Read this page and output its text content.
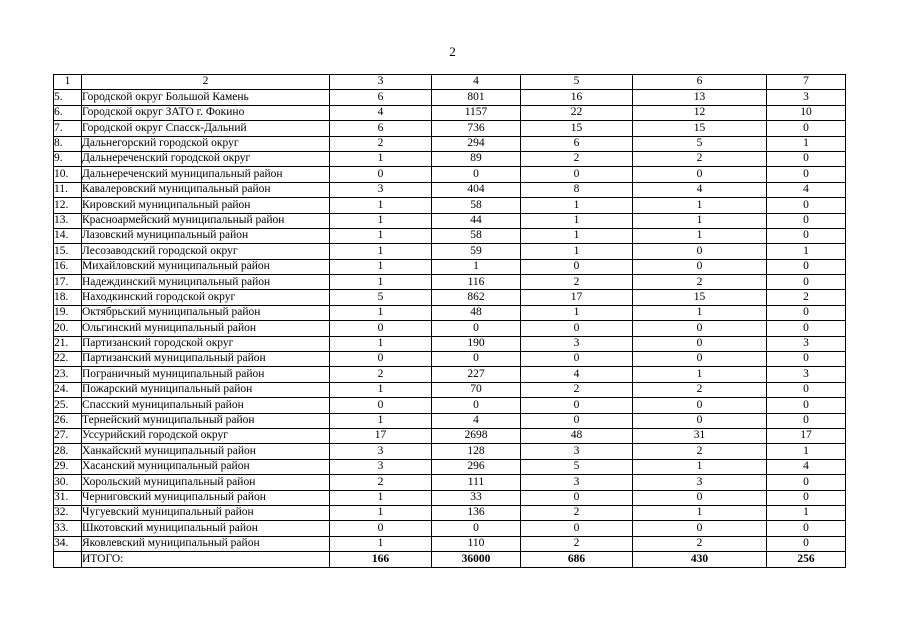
2
1	2	3	4	5	6	7
5.	Городской округ Большой Камень	6	801	16	13	3
6.	Городской округ ЗАТО г. Фокино	4	1157	22	12	10
7.	Городской округ Спасск-Дальний	6	736	15	15	0
8.	Дальнегорский городской округ	2	294	6	5	1
9.	Дальнереченский городской округ	1	89	2	2	0
10.	Дальнереченский муниципальный район	0	0	0	0	0
11.	Кавалеровский муниципальный район	3	404	8	4	4
12.	Кировский муниципальный район	1	58	1	1	0
13.	Красноармейский муниципальный район	1	44	1	1	0
14.	Лазовский муниципальный район	1	58	1	1	0
15.	Лесозаводский городской округ	1	59	1	0	1
16.	Михайловский муниципальный район	1	1	0	0	0
17.	Надеждинский муниципальный район	1	116	2	2	0
18.	Находкинский городской округ	5	862	17	15	2
19.	Октябрьский муниципальный район	1	48	1	1	0
20.	Ольгинский муниципальный район	0	0	0	0	0
21.	Партизанский городской округ	1	190	3	0	3
22.	Партизанский муниципальный район	0	0	0	0	0
23.	Пограничный муниципальный район	2	227	4	1	3
24.	Пожарский муниципальный район	1	70	2	2	0
25.	Спасский муниципальный район	0	0	0	0	0
26.	Тернейский муниципальный район	1	4	0	0	0
27.	Уссурийский городской округ	17	2698	48	31	17
28.	Ханкайский муниципальный район	3	128	3	2	1
29.	Хасанский муниципальный район	3	296	5	1	4
30.	Хорольский муниципальный район	2	111	3	3	0
31.	Черниговский муниципальный район	1	33	0	0	0
32.	Чугуевский муниципальный район	1	136	2	1	1
33.	Шкотовский муниципальный район	0	0	0	0	0
34.	Яковлевский муниципальный район	1	110	2	2	0
	ИТОГО:	166	36000	686	430	256
